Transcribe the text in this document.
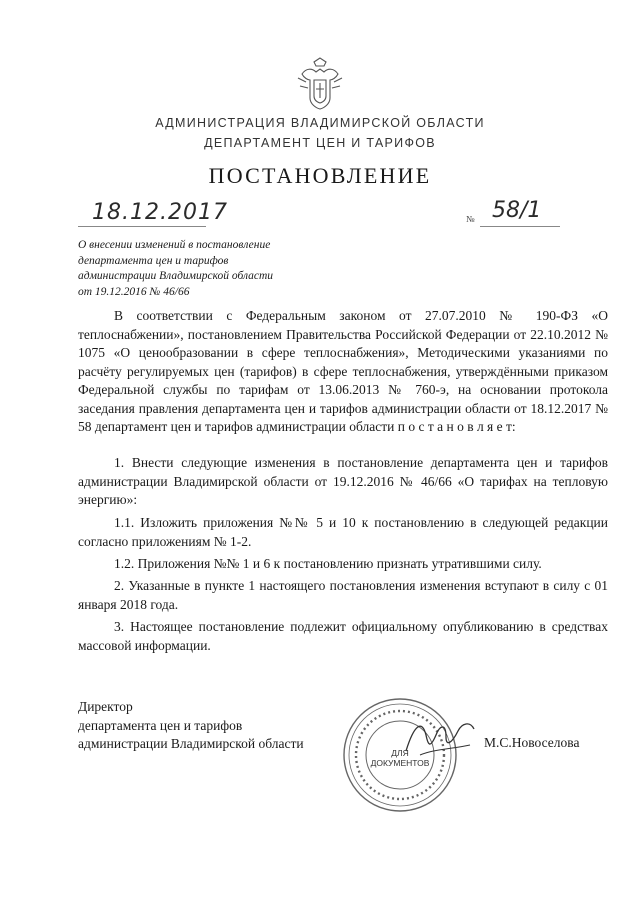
АДМИНИСТРАЦИЯ ВЛАДИМИРСКОЙ ОБЛАСТИ
ДЕПАРТАМЕНТ ЦЕН И ТАРИФОВ
ПОСТАНОВЛЕНИЕ
18.12.2017	№ 58/1
О внесении изменений в постановление
департамента цен и тарифов
администрации Владимирской области
от 19.12.2016 № 46/66

В соответствии с Федеральным законом от 27.07.2010 № 190-ФЗ «О теплоснабжении», постановлением Правительства Российской Федерации от 22.10.2012 № 1075 «О ценообразовании в сфере теплоснабжения», Методическими указаниями по расчёту регулируемых цен (тарифов) в сфере теплоснабжения, утверждёнными приказом Федеральной службы по тарифам от 13.06.2013 № 760-э, на основании протокола заседания правления департамента цен и тарифов администрации области от 18.12.2017 № 58 департамент цен и тарифов администрации области п о с т а н о в л я е т:

1. Внести следующие изменения в постановление департамента цен и тарифов администрации Владимирской области от 19.12.2016 № 46/66 «О тарифах на тепловую энергию»:

1.1. Изложить приложения №№ 5 и 10 к постановлению в следующей редакции согласно приложениям № 1-2.

1.2. Приложения №№ 1 и 6 к постановлению признать утратившими силу.

2. Указанные в пункте 1 настоящего постановления изменения вступают в силу с 01 января 2018 года.

3. Настоящее постановление подлежит официальному опубликованию в средствах массовой информации.

Директор
департамента цен и тарифов
администрации Владимирской области
ДЛЯ
ДОКУМЕНТОВ
М.С.Новоселова
